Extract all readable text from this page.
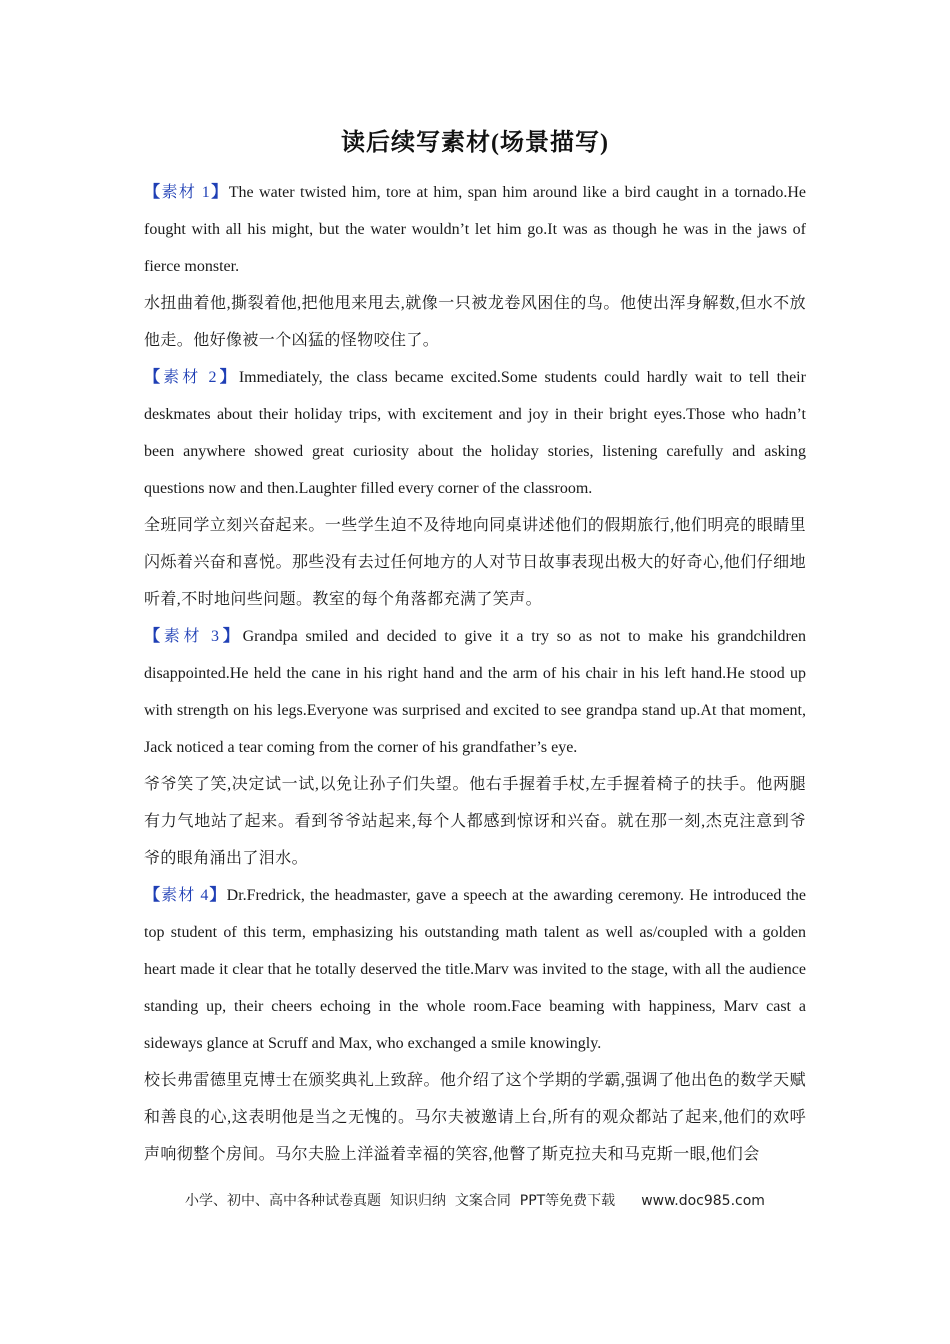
读后续写素材(场景描写)

【素材 1】The water twisted him, tore at him, span him around like a bird caught in a tornado.He fought with all his might, but the water wouldn’t let him go.It was as though he was in the jaws of fierce monster.

水扭曲着他,撕裂着他,把他甩来甩去,就像一只被龙卷风困住的鸟。他使出浑身解数,但水不放他走。他好像被一个凶猛的怪物咬住了。

【素材 2】Immediately, the class became excited.Some students could hardly wait to tell their deskmates about their holiday trips, with excitement and joy in their bright eyes.Those who hadn’t been anywhere showed great curiosity about the holiday stories, listening carefully and asking questions now and then.Laughter filled every corner of the classroom.

全班同学立刻兴奋起来。一些学生迫不及待地向同桌讲述他们的假期旅行,他们明亮的眼睛里闪烁着兴奋和喜悦。那些没有去过任何地方的人对节日故事表现出极大的好奇心,他们仔细地听着,不时地问些问题。教室的每个角落都充满了笑声。

【素材 3】Grandpa smiled and decided to give it a try so as not to make his grandchildren disappointed.He held the cane in his right hand and the arm of his chair in his left hand.He stood up with strength on his legs.Everyone was surprised and excited to see grandpa stand up.At that moment, Jack noticed a tear coming from the corner of his grandfather’s eye.

爷爷笑了笑,决定试一试,以免让孙子们失望。他右手握着手杖,左手握着椅子的扶手。他两腿有力气地站了起来。看到爷爷站起来,每个人都感到惊讶和兴奋。就在那一刻,杰克注意到爷爷的眼角涌出了泪水。

【素材 4】Dr.Fredrick, the headmaster, gave a speech at the awarding ceremony. He introduced the top student of this term, emphasizing his outstanding math talent as well as/coupled with a golden heart made it clear that he totally deserved the title.Marv was invited to the stage, with all the audience standing up, their cheers echoing in the whole room.Face beaming with happiness, Marv cast a sideways glance at Scruff and Max, who exchanged a smile knowingly.

校长弗雷德里克博士在颁奖典礼上致辞。他介绍了这个学期的学霸,强调了他出色的数学天赋和善良的心,这表明他是当之无愧的。马尔夫被邀请上台,所有的观众都站了起来,他们的欢呼声响彻整个房间。马尔夫脸上洋溢着幸福的笑容,他瞥了斯克拉夫和马克斯一眼,他们会

小学、初中、高中各种试卷真题  知识归纳  文案合同  PPT等免费下载 www.doc985.com
